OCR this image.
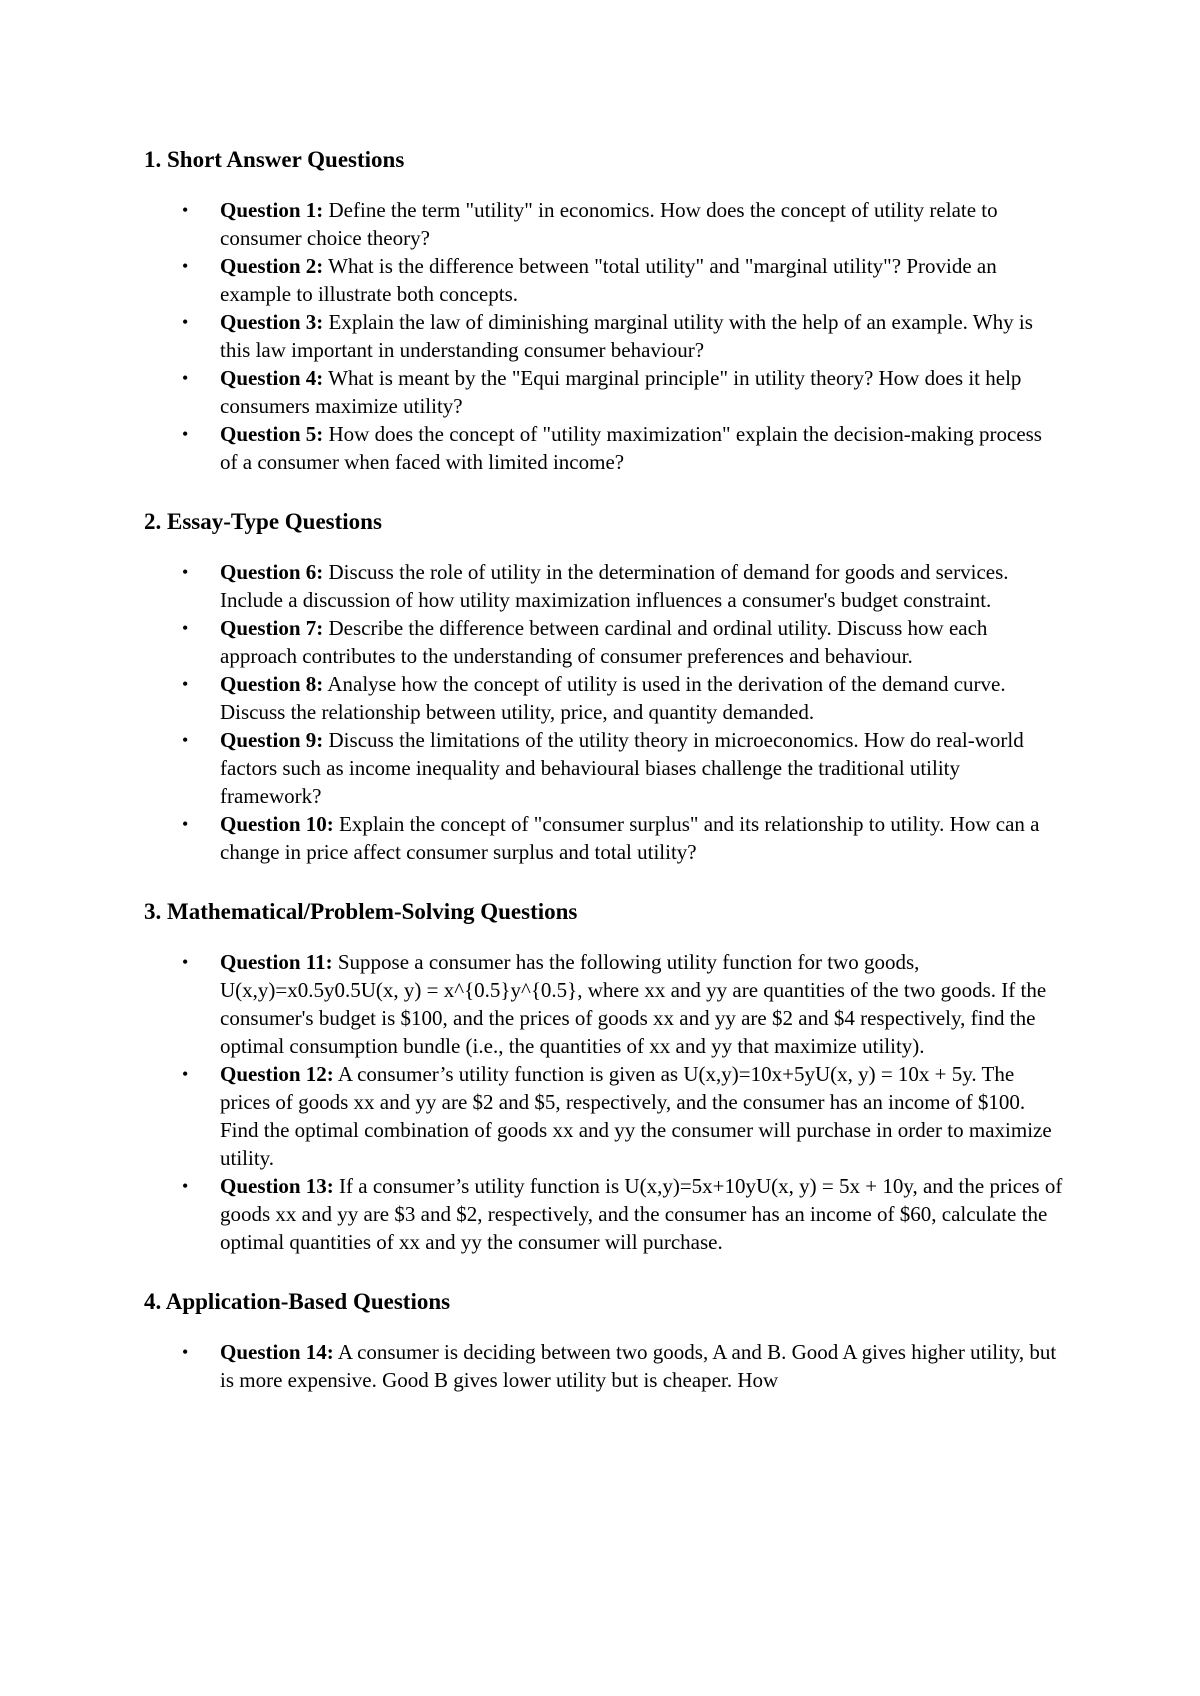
1. Short Answer Questions
• Question 1: Define the term "utility" in economics. How does the concept of utility relate to consumer choice theory?
• Question 2: What is the difference between "total utility" and "marginal utility"? Provide an example to illustrate both concepts.
• Question 3: Explain the law of diminishing marginal utility with the help of an example. Why is this law important in understanding consumer behaviour?
• Question 4: What is meant by the "Equi marginal principle" in utility theory? How does it help consumers maximize utility?
• Question 5: How does the concept of "utility maximization" explain the decision-making process of a consumer when faced with limited income?
2. Essay-Type Questions
• Question 6: Discuss the role of utility in the determination of demand for goods and services. Include a discussion of how utility maximization influences a consumer's budget constraint.
• Question 7: Describe the difference between cardinal and ordinal utility. Discuss how each approach contributes to the understanding of consumer preferences and behaviour.
• Question 8: Analyse how the concept of utility is used in the derivation of the demand curve. Discuss the relationship between utility, price, and quantity demanded.
• Question 9: Discuss the limitations of the utility theory in microeconomics. How do real-world factors such as income inequality and behavioural biases challenge the traditional utility framework?
• Question 10: Explain the concept of "consumer surplus" and its relationship to utility. How can a change in price affect consumer surplus and total utility?
3. Mathematical/Problem-Solving Questions
• Question 11: Suppose a consumer has the following utility function for two goods, U(x,y)=x0.5y0.5U(x, y) = x^{0.5}y^{0.5}, where xx and yy are quantities of the two goods. If the consumer's budget is $100, and the prices of goods xx and yy are $2 and $4 respectively, find the optimal consumption bundle (i.e., the quantities of xx and yy that maximize utility).
• Question 12: A consumer’s utility function is given as U(x,y)=10x+5yU(x, y) = 10x + 5y. The prices of goods xx and yy are $2 and $5, respectively, and the consumer has an income of $100. Find the optimal combination of goods xx and yy the consumer will purchase in order to maximize utility.
• Question 13: If a consumer’s utility function is U(x,y)=5x+10yU(x, y) = 5x + 10y, and the prices of goods xx and yy are $3 and $2, respectively, and the consumer has an income of $60, calculate the optimal quantities of xx and yy the consumer will purchase.
4. Application-Based Questions
• Question 14: A consumer is deciding between two goods, A and B. Good A gives higher utility, but is more expensive. Good B gives lower utility but is cheaper. How
